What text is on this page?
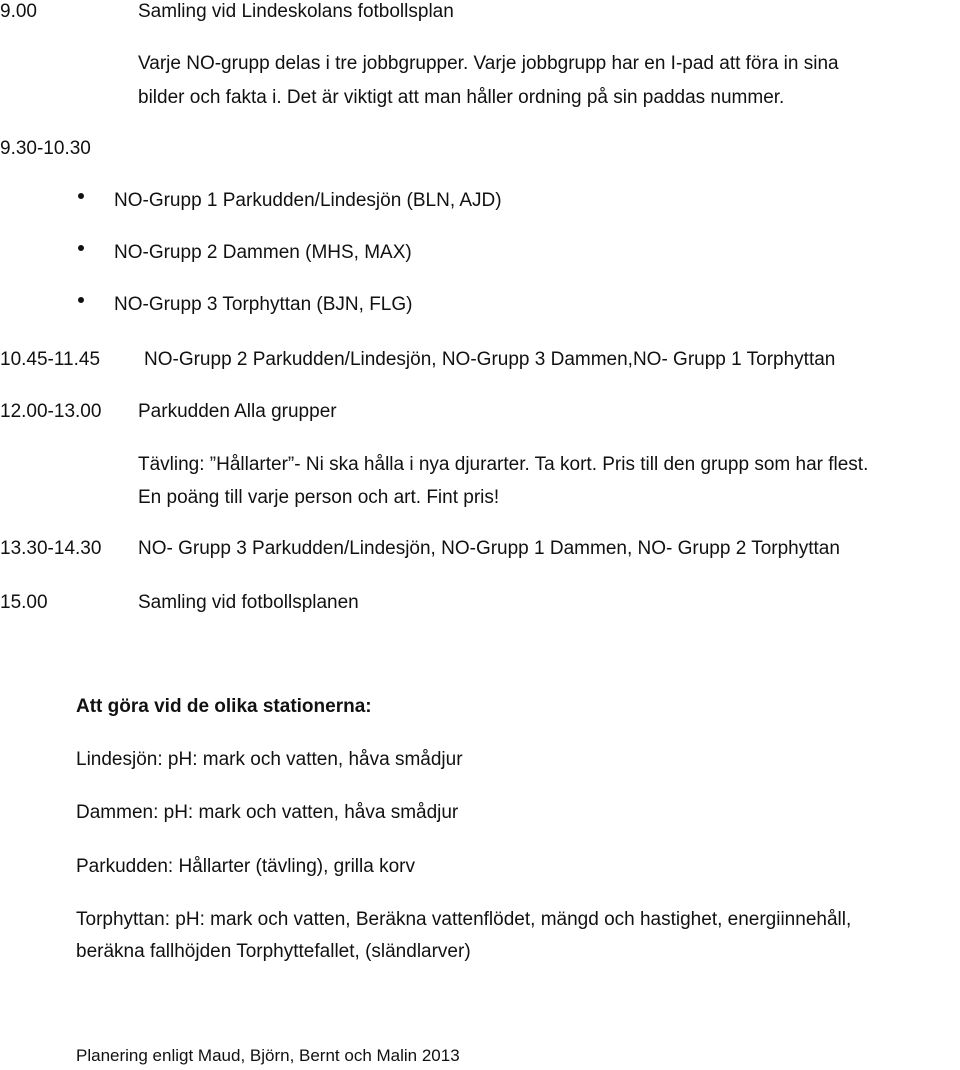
9.00	Samling vid Lindeskolans fotbollsplan
Varje NO-grupp delas i tre jobbgrupper. Varje jobbgrupp har en I-pad att föra in sina
bilder och fakta i. Det är viktigt att man håller ordning på sin paddas nummer.
9.30-10.30
NO-Grupp 1 Parkudden/Lindesjön (BLN, AJD)
NO-Grupp 2 Dammen (MHS, MAX)
NO-Grupp 3 Torphyttan (BJN, FLG)
10.45-11.45 NO-Grupp 2 Parkudden/Lindesjön, NO-Grupp 3 Dammen,NO- Grupp 1 Torphyttan
12.00-13.00 Parkudden Alla grupper
Tävling: ”Hållarter”- Ni ska hålla i nya djurarter. Ta kort. Pris till den grupp som har flest.
En poäng till varje person och art. Fint pris!
13.30-14.30 NO- Grupp 3 Parkudden/Lindesjön, NO-Grupp 1 Dammen, NO- Grupp 2 Torphyttan
15.00	Samling vid fotbollsplanen
Att göra vid de olika stationerna:
Lindesjön: pH: mark och vatten, håva smådjur
Dammen: pH: mark och vatten, håva smådjur
Parkudden: Hållarter (tävling), grilla korv
Torphyttan: pH: mark och vatten, Beräkna vattenflödet, mängd och hastighet, energiinnehåll,
beräkna fallhöjden Torphyttefallet, (sländlarver)
Planering enligt Maud, Björn, Bernt och Malin 2013
